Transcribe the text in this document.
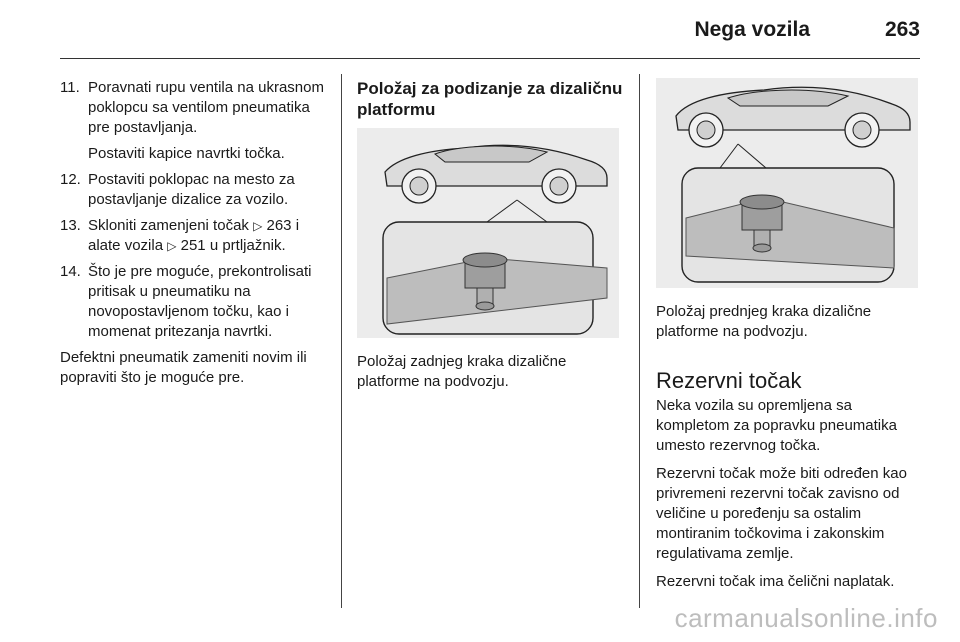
Nega vozila	263
11. Poravnati rupu ventila na ukrasnom poklopcu sa ventilom pneumatika pre postavljanja.
Postaviti kapice navrtki točka.
12. Postaviti poklopac na mesto za postavljanje dizalice za vozilo.
13. Skloniti zamenjeni točak ▷ 263 i alate vozila ▷ 251 u prtljažnik.
14. Što je pre moguće, prekontrolisati pritisak u pneumatiku na novopostavljenom točku, kao i momenat pritezanja navrtki.
Defektni pneumatik zameniti novim ili popraviti što je moguće pre.
Položaj za podizanje za dizaličnu platformu
Položaj zadnjeg kraka dizalične platforme na podvozju.
Položaj prednjeg kraka dizalične platforme na podvozju.
Rezervni točak
Neka vozila su opremljena sa kompletom za popravku pneumatika umesto rezervnog točka.
Rezervni točak može biti određen kao privremeni rezervni točak zavisno od veličine u poređenju sa ostalim montiranim točkovima i zakonskim regulativama zemlje.
Rezervni točak ima čelični naplatak.
carmanualsonline.info
